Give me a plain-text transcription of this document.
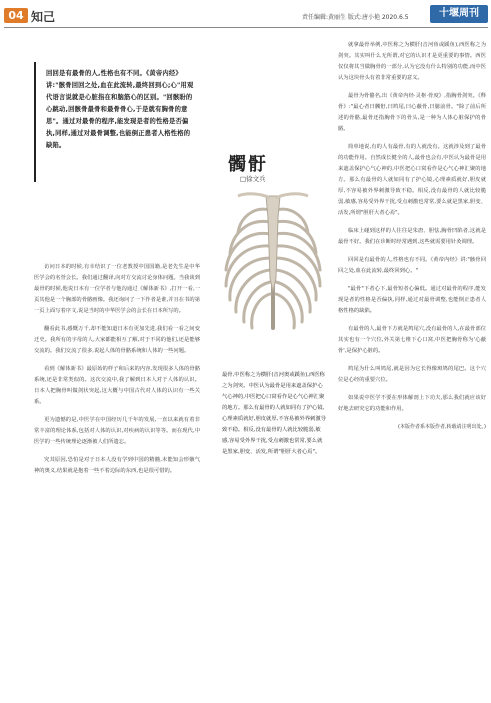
04 知己	责任编辑:黄丽生 版式:唐小艳 2020.6.5	十堰周刊
回回是有最骨的人,性格也有不同。《黄帝内经》讲:"骸骨回回之处,血在此流转,最终回到心;心"用观代语言说就是心脏指在和脑筋心的区别。"回骸盼的心跳动,回骸骨最骨和最骨骨心,于是就有胸骨的意思"。通过对最骨的程序,能发现是者的性格是否偏执,同样,通过对最骨调整,也能倒正患者人格性格的缺陷。
髑骬
□徐文兵
最骨,中医称之为横肝(音河奥或蹊鱼),西医称之为剑突。中医认为最骨是用来遮盖保护心气心神的,中医把心口窝看作是心气心神汇聚的地方。那么有最骨的人就如同有了护心镜,心理素质就好,胆皮就厚,不容易被外界刺激导致不稳。相反,没有最骨的人就比较脆弱,敏感,容易受外界干扰,受点刺激也常常,要么就是黑家,胆变、活发,所谓"胆肝大者心焉"。

访问日本的时候,有幸结识了一位老教授中国国籍,是老先生是中华医学会的名誉会长。我们通过翻译,向对方交流讨论身体问题。当我谈到最骨的时候,他说日本有一位学者与他沟通过《解体新书》,打开一看,一页其他是一个胸部的骨骼画像。我还询问了一下作者是谁,并且在书的第一页上面写着序文,说是当时的中华医学会的会长在日本所写的。

翻看此书,感慨万千,却不能知道日本有更加先进,我们看一看之间变迁史。我所有的字母的人,大家都能相互了解,对于不同的他们,还是能够交流的。我们交流了很多,说起人体的骨骼系统和人体的一些问题。

看到《解体新书》最原始的样子和后来的内容,发现很多人体的骨骼系统,还是非常类似的。这次交流中,我了解到日本人对于人体的认识。日本人把胸骨叫做剑状突起,这大概与中国古代对人体的认识有一些关系。

更为遗憾的是,中医学在中国经历几千年的发展,一直以来就有着非常丰富的理论体系,包括对人体的认识,对疾病的认识等等。而在现代,中医学的一些传统理论逐渐被人们所遗忘。

究其原因,恐怕是对于日本人没有学到中国的精髓,未能知会形骸气神的奥义,结果就是抱着一些不着边际的东西,也是很可惜的。

就拿最骨举例,中医称之为横肝(音河鱼或蹊鱼),西医称之为剑突。其实叫什么无所谓,对它的认识才是更重要的事情。西医仅仅将其当做胸骨的一部分,认为它没有什么特别的功能,而中医认为这块骨头有着非常重要的意义。

最骨为骨骼名,出《黄帝内经·灵枢·骨度》,指胸骨剑突。《释骨》:"最心者曰髑骬,曰鸠尾,曰心蔽骨,曰臆前骨。"除了前后所述的骨骼,最骨还指胸骨下的骨头,是一种为人体心脏保护的骨骼。

简单地说,有的人有最骨,有的人就没有。这就涉及到了最骨的功能作用。自然成长健全的人,最骨也会有,中医认为最骨是用来遮盖保护心气心神的,中医把心口窝看作是心气心神汇聚的地方。那么有最骨的人就如同有了护心镜,心理素质就好,胆皮就厚,不容易被外界刺激导致不稳。相反,没有最骨的人就比较脆弱,敏感,容易受外界干扰,受点刺激也常常,要么就是黑家,胆变、活发,所谓"胆肝大者心焉"。

临床上碰到这样的人往往是朱唐、胆怯,胸骨凹陷者,这就是最骨不好。我们在诊断时经常遇到,这些就需要用针灸调理。

回回是有最骨的人,性格也有不同。《黄帝内经》讲:"骸骨回回之处,血在此流转,最终回到心。"

"最骨"下者心下,最骨短者心偏低。通过对最骨的程序,能发现是者的性格是否偏执,同样,通过对最骨调整,也能倒正患者人格性格的缺陷。

有最骨的人,最骨下方就是鸠尾穴,没有最骨的人,在最骨部位其实也有一个穴位,外关第七椎下心口窝,中医把胸骨称为'心蔽骨',是保护心脏的。

鸠尾为什么叫鸠尾,就是因为它长得像斑鸠的尾巴。这个穴位是心经的重要穴位。

如果说中医学不要在形体解剖上下功夫,那么我们就应该好好地去研究它的功能和作用。

(本版作者系本版作者,转载请注明出处。)
